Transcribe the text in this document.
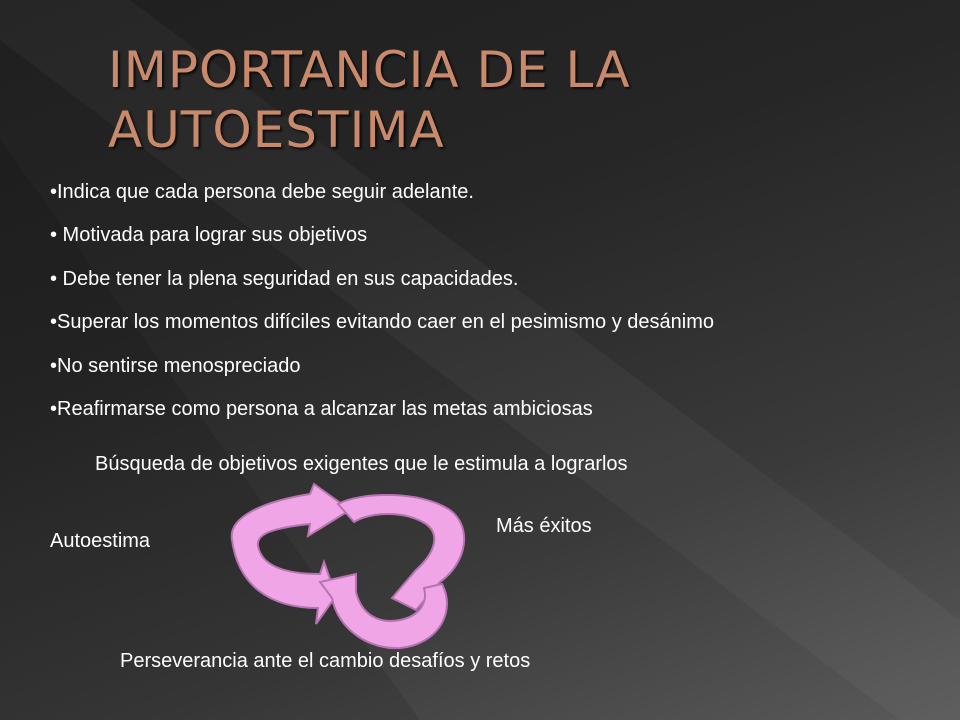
IMPORTANCIA DE LA
AUTOESTIMA
•Indica que cada persona debe seguir adelante.
• Motivada para lograr sus objetivos
• Debe tener la plena seguridad en sus capacidades.
•Superar los momentos difíciles evitando caer en el pesimismo y desánimo
•No sentirse menospreciado
•Reafirmarse como persona a alcanzar las metas ambiciosas
Búsqueda de objetivos exigentes que le estimula a lograrlos
Más éxitos
Autoestima
Perseverancia ante el cambio desafíos y retos
